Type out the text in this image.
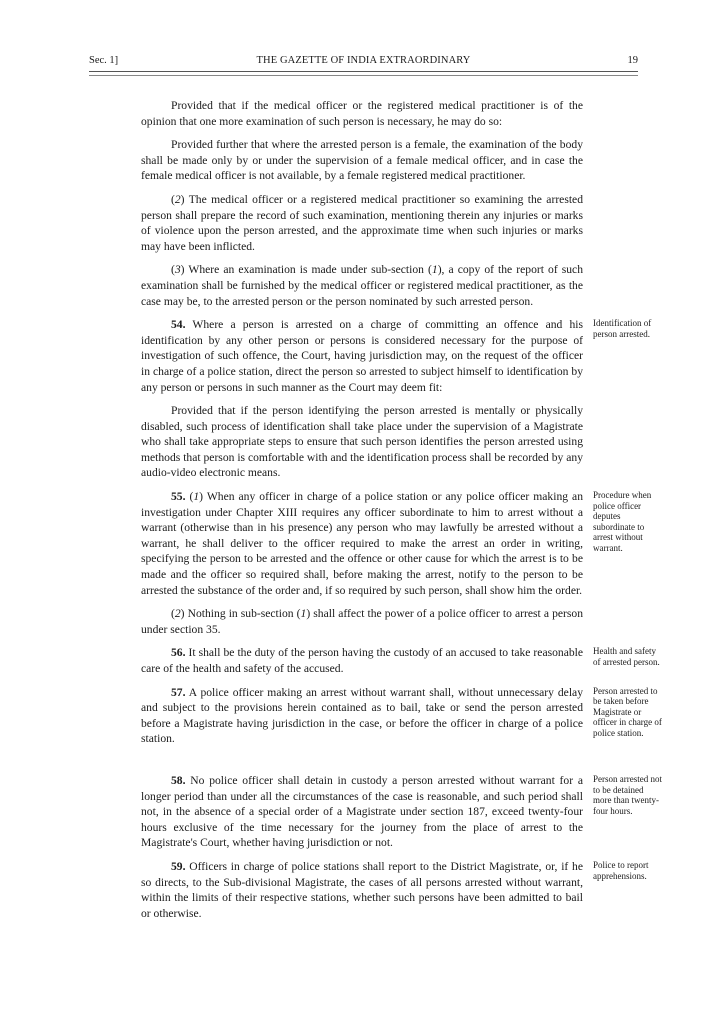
Sec. 1]	THE GAZETTE OF INDIA EXTRAORDINARY	19

Provided that if the medical officer or the registered medical practitioner is of the opinion that one more examination of such person is necessary, he may do so:

Provided further that where the arrested person is a female, the examination of the body shall be made only by or under the supervision of a female medical officer, and in case the female medical officer is not available, by a female registered medical practitioner.

(2) The medical officer or a registered medical practitioner so examining the arrested person shall prepare the record of such examination, mentioning therein any injuries or marks of violence upon the person arrested, and the approximate time when such injuries or marks may have been inflicted.

(3) Where an examination is made under sub-section (1), a copy of the report of such examination shall be furnished by the medical officer or registered medical practitioner, as the case may be, to the arrested person or the person nominated by such arrested person.

54. Where a person is arrested on a charge of committing an offence and his identification by any other person or persons is considered necessary for the purpose of investigation of such offence, the Court, having jurisdiction may, on the request of the officer in charge of a police station, direct the person so arrested to subject himself to identification by any person or persons in such manner as the Court may deem fit:

Provided that if the person identifying the person arrested is mentally or physically disabled, such process of identification shall take place under the supervision of a Magistrate who shall take appropriate steps to ensure that such person identifies the person arrested using methods that person is comfortable with and the identification process shall be recorded by any audio-video electronic means.

55. (1) When any officer in charge of a police station or any police officer making an investigation under Chapter XIII requires any officer subordinate to him to arrest without a warrant (otherwise than in his presence) any person who may lawfully be arrested without a warrant, he shall deliver to the officer required to make the arrest an order in writing, specifying the person to be arrested and the offence or other cause for which the arrest is to be made and the officer so required shall, before making the arrest, notify to the person to be arrested the substance of the order and, if so required by such person, shall show him the order.

(2) Nothing in sub-section (1) shall affect the power of a police officer to arrest a person under section 35.

56. It shall be the duty of the person having the custody of an accused to take reasonable care of the health and safety of the accused.

57. A police officer making an arrest without warrant shall, without unnecessary delay and subject to the provisions herein contained as to bail, take or send the person arrested before a Magistrate having jurisdiction in the case, or before the officer in charge of a police station.

58. No police officer shall detain in custody a person arrested without warrant for a longer period than under all the circumstances of the case is reasonable, and such period shall not, in the absence of a special order of a Magistrate under section 187, exceed twenty-four hours exclusive of the time necessary for the journey from the place of arrest to the Magistrate's Court, whether having jurisdiction or not.

59. Officers in charge of police stations shall report to the District Magistrate, or, if he so directs, to the Sub-divisional Magistrate, the cases of all persons arrested without warrant, within the limits of their respective stations, whether such persons have been admitted to bail or otherwise.

Identification of person arrested.
Procedure when police officer deputes subordinate to arrest without warrant.
Health and safety of arrested person.
Person arrested to be taken before Magistrate or officer in charge of police station.
Person arrested not to be detained more than twenty-four hours.
Police to report apprehensions.
